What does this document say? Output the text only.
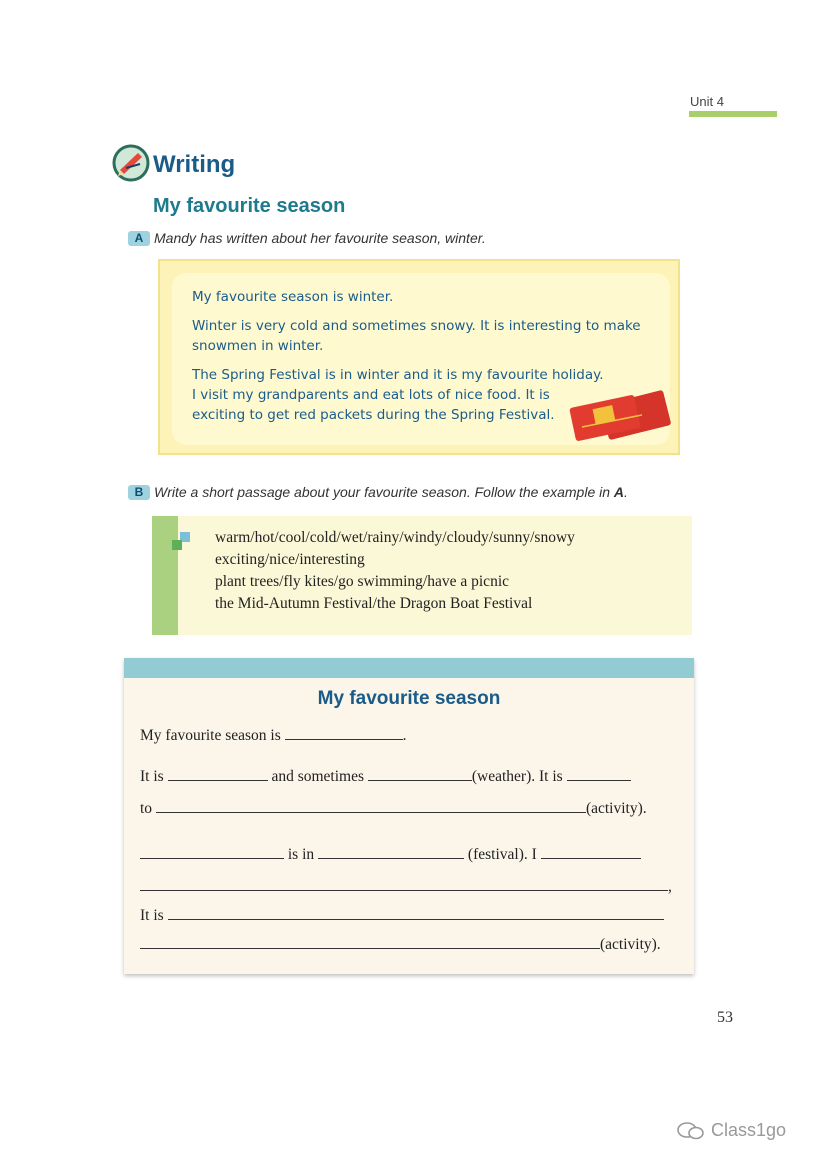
Unit 4
Writing
My favourite season
A Mandy has written about her favourite season, winter.
My favourite season is winter.
Winter is very cold and sometimes snowy. It is interesting to make
snowmen in winter.
The Spring Festival is in winter and it is my favourite holiday.
I visit my grandparents and eat lots of nice food. It is
exciting to get red packets during the Spring Festival.
B Write a short passage about your favourite season. Follow the example in A.
warm/hot/cool/cold/wet/rainy/windy/cloudy/sunny/snowy
exciting/nice/interesting
plant trees/fly kites/go swimming/have a picnic
the Mid-Autumn Festival/the Dragon Boat Festival
My favourite season
My favourite season is	.
It is	and sometimes	(weather). It is
to	(activity).
is in	(festival). I
,
It is
(activity).
53
Class1go
